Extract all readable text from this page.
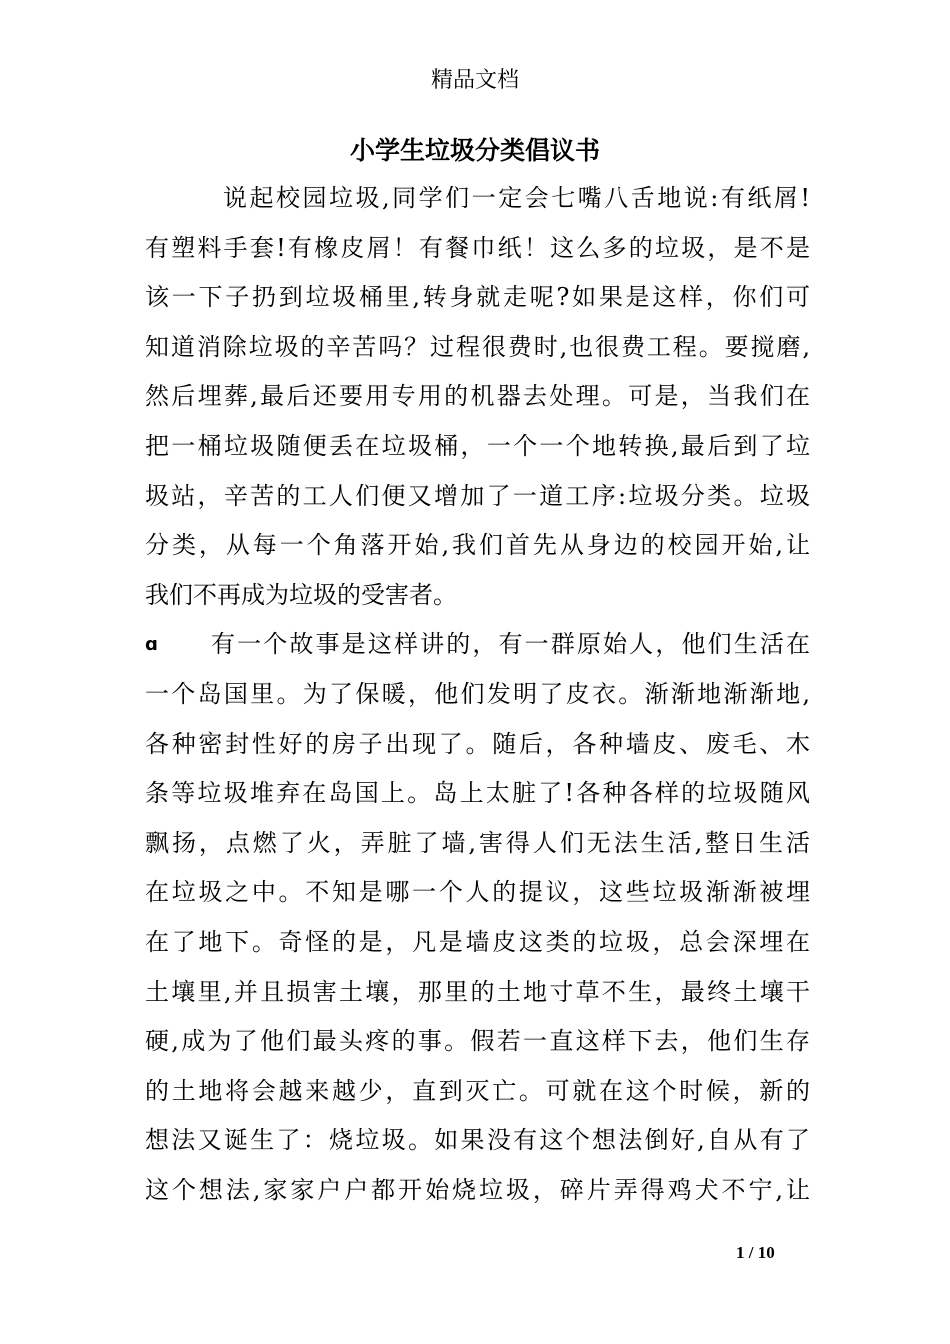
精品文档
小学生垃圾分类倡议书
说起校园垃圾,同学们一定会七嘴八舌地说:有纸屑!
有塑料手套!有橡皮屑！有餐巾纸！这么多的垃圾，是不是
该一下子扔到垃圾桶里,转身就走呢?如果是这样，你们可
知道消除垃圾的辛苦吗？过程很费时,也很费工程。要搅磨,
然后埋葬,最后还要用专用的机器去处理。可是，当我们在
把一桶垃圾随便丢在垃圾桶，一个一个地转换,最后到了垃
圾站，辛苦的工人们便又增加了一道工序:垃圾分类。垃圾
分类，从每一个角落开始,我们首先从身边的校园开始,让
我们不再成为垃圾的受害者。
ɑ 有一个故事是这样讲的，有一群原始人，他们生活在
一个岛国里。为了保暖，他们发明了皮衣。渐渐地渐渐地,
各种密封性好的房子出现了。随后，各种墙皮、废毛、木
条等垃圾堆弃在岛国上。岛上太脏了!各种各样的垃圾随风
飘扬，点燃了火，弄脏了墙,害得人们无法生活,整日生活
在垃圾之中。不知是哪一个人的提议，这些垃圾渐渐被埋
在了地下。奇怪的是，凡是墙皮这类的垃圾，总会深埋在
土壤里,并且损害土壤，那里的土地寸草不生，最终土壤干
硬,成为了他们最头疼的事。假若一直这样下去，他们生存
的土地将会越来越少，直到灭亡。可就在这个时候，新的
想法又诞生了：烧垃圾。如果没有这个想法倒好,自从有了
这个想法,家家户户都开始烧垃圾，碎片弄得鸡犬不宁,让
1 / 10
